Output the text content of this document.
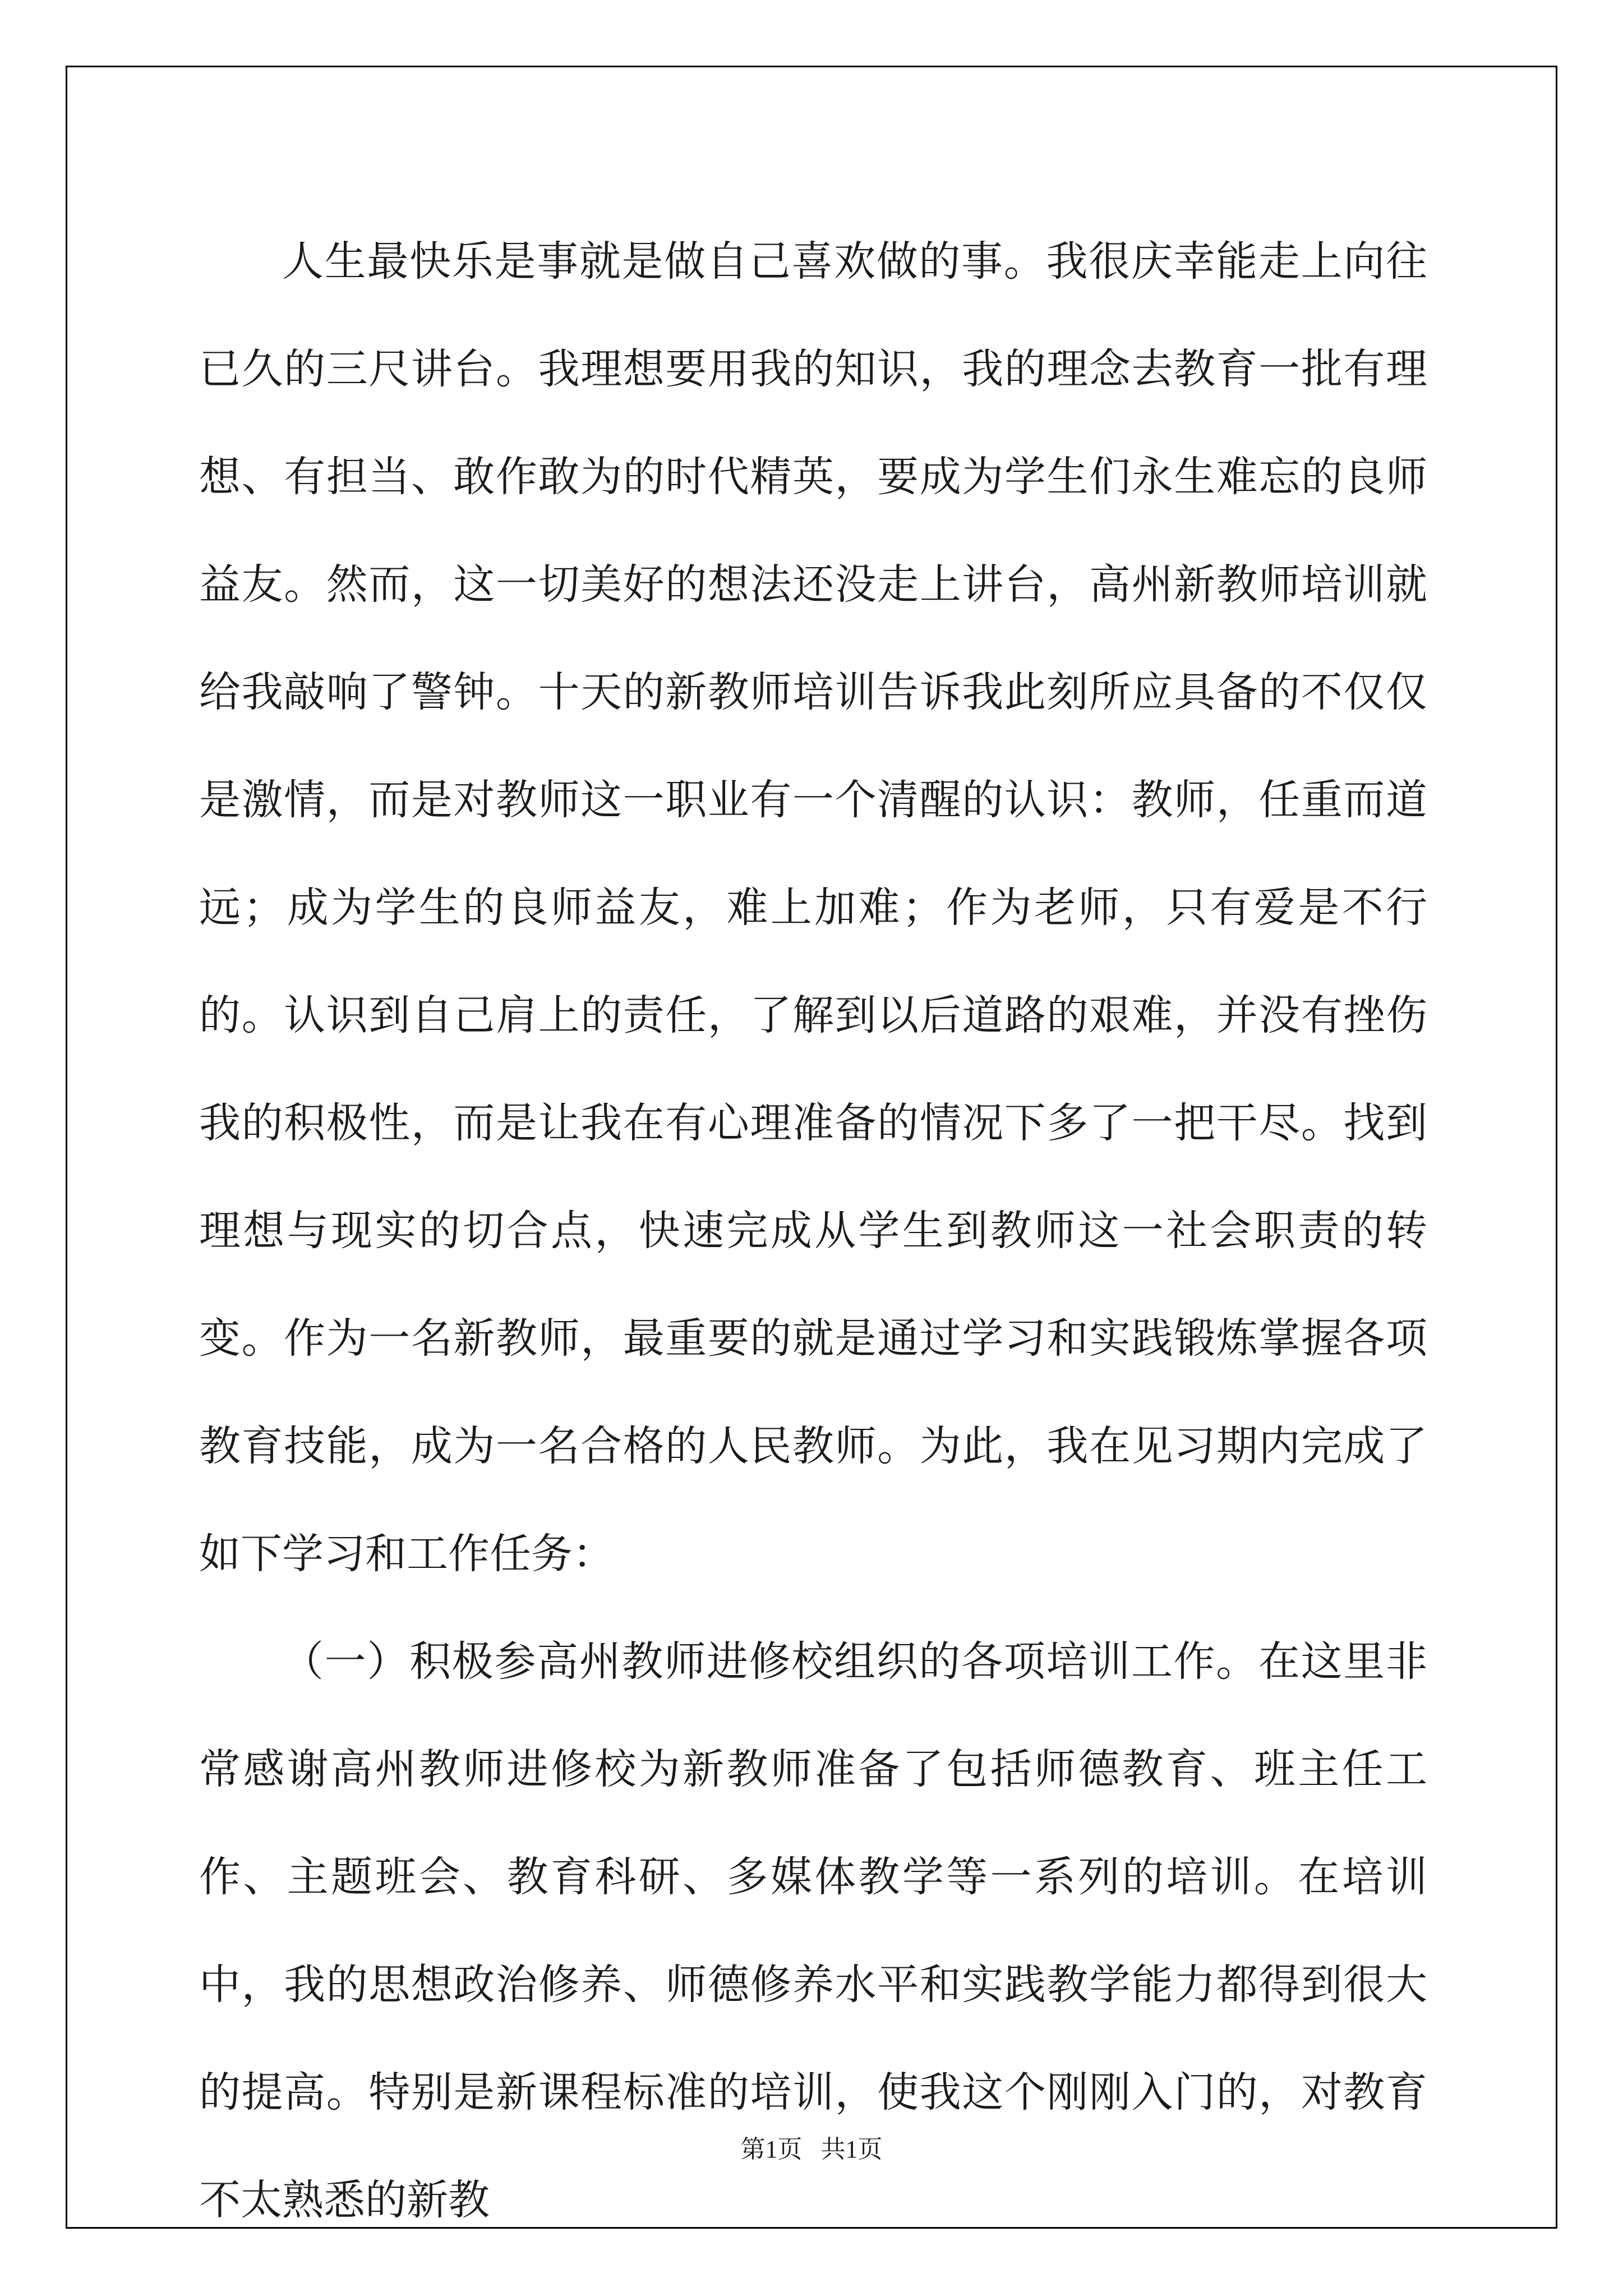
人生最快乐是事就是做自己喜欢做的事。我很庆幸能走上向往已久的三尺讲台。我理想要用我的知识，我的理念去教育一批有理想、有担当、敢作敢为的时代精英，要成为学生们永生难忘的良师益友。然而，这一切美好的想法还没走上讲台，高州新教师培训就给我敲响了警钟。十天的新教师培训告诉我此刻所应具备的不仅仅是激情，而是对教师这一职业有一个清醒的认识：教师，任重而道远；成为学生的良师益友，难上加难；作为老师，只有爱是不行的。认识到自己肩上的责任，了解到以后道路的艰难，并没有挫伤我的积极性，而是让我在有心理准备的情况下多了一把干尽。找到理想与现实的切合点，快速完成从学生到教师这一社会职责的转变。作为一名新教师，最重要的就是通过学习和实践锻炼掌握各项教育技能，成为一名合格的人民教师。为此，我在见习期内完成了如下学习和工作任务：

（一）积极参高州教师进修校组织的各项培训工作。在这里非常感谢高州教师进修校为新教师准备了包括师德教育、班主任工作、主题班会、教育科研、多媒体教学等一系列的培训。在培训中，我的思想政治修养、师德修养水平和实践教学能力都得到很大的提高。特别是新课程标准的培训，使我这个刚刚入门的，对教育不太熟悉的新教

第1页   共1页
